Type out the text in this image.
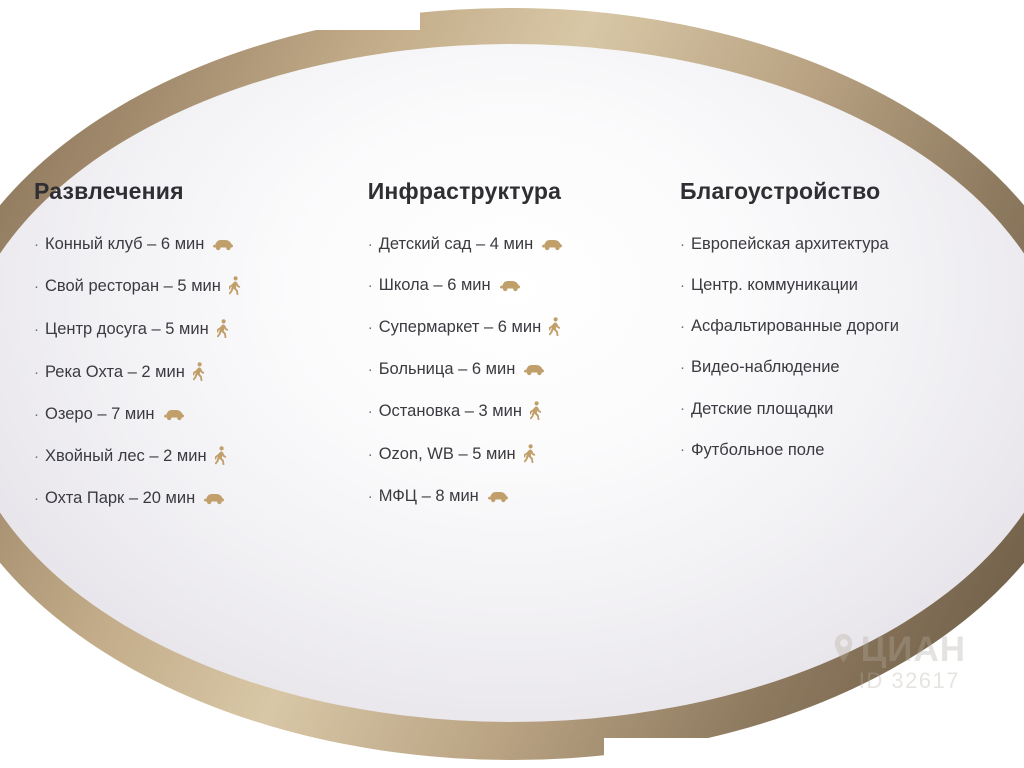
Развлечения
· Конный клуб – 6 мин
· Свой ресторан – 5 мин
· Центр досуга – 5 мин
· Река Охта – 2 мин
· Озеро – 7 мин
· Хвойный лес – 2 мин
· Охта Парк – 20 мин
Инфраструктура
· Детский сад – 4 мин
· Школа – 6 мин
· Супермаркет – 6 мин
· Больница – 6 мин
· Остановка – 3 мин
· Ozon, WB – 5 мин
· МФЦ – 8 мин
Благоустройство
· Европейская архитектура
· Центр. коммуникации
· Асфальтированные дороги
· Видео-наблюдение
· Детские площадки
· Футбольное поле
ЦИАН
ID 32617
